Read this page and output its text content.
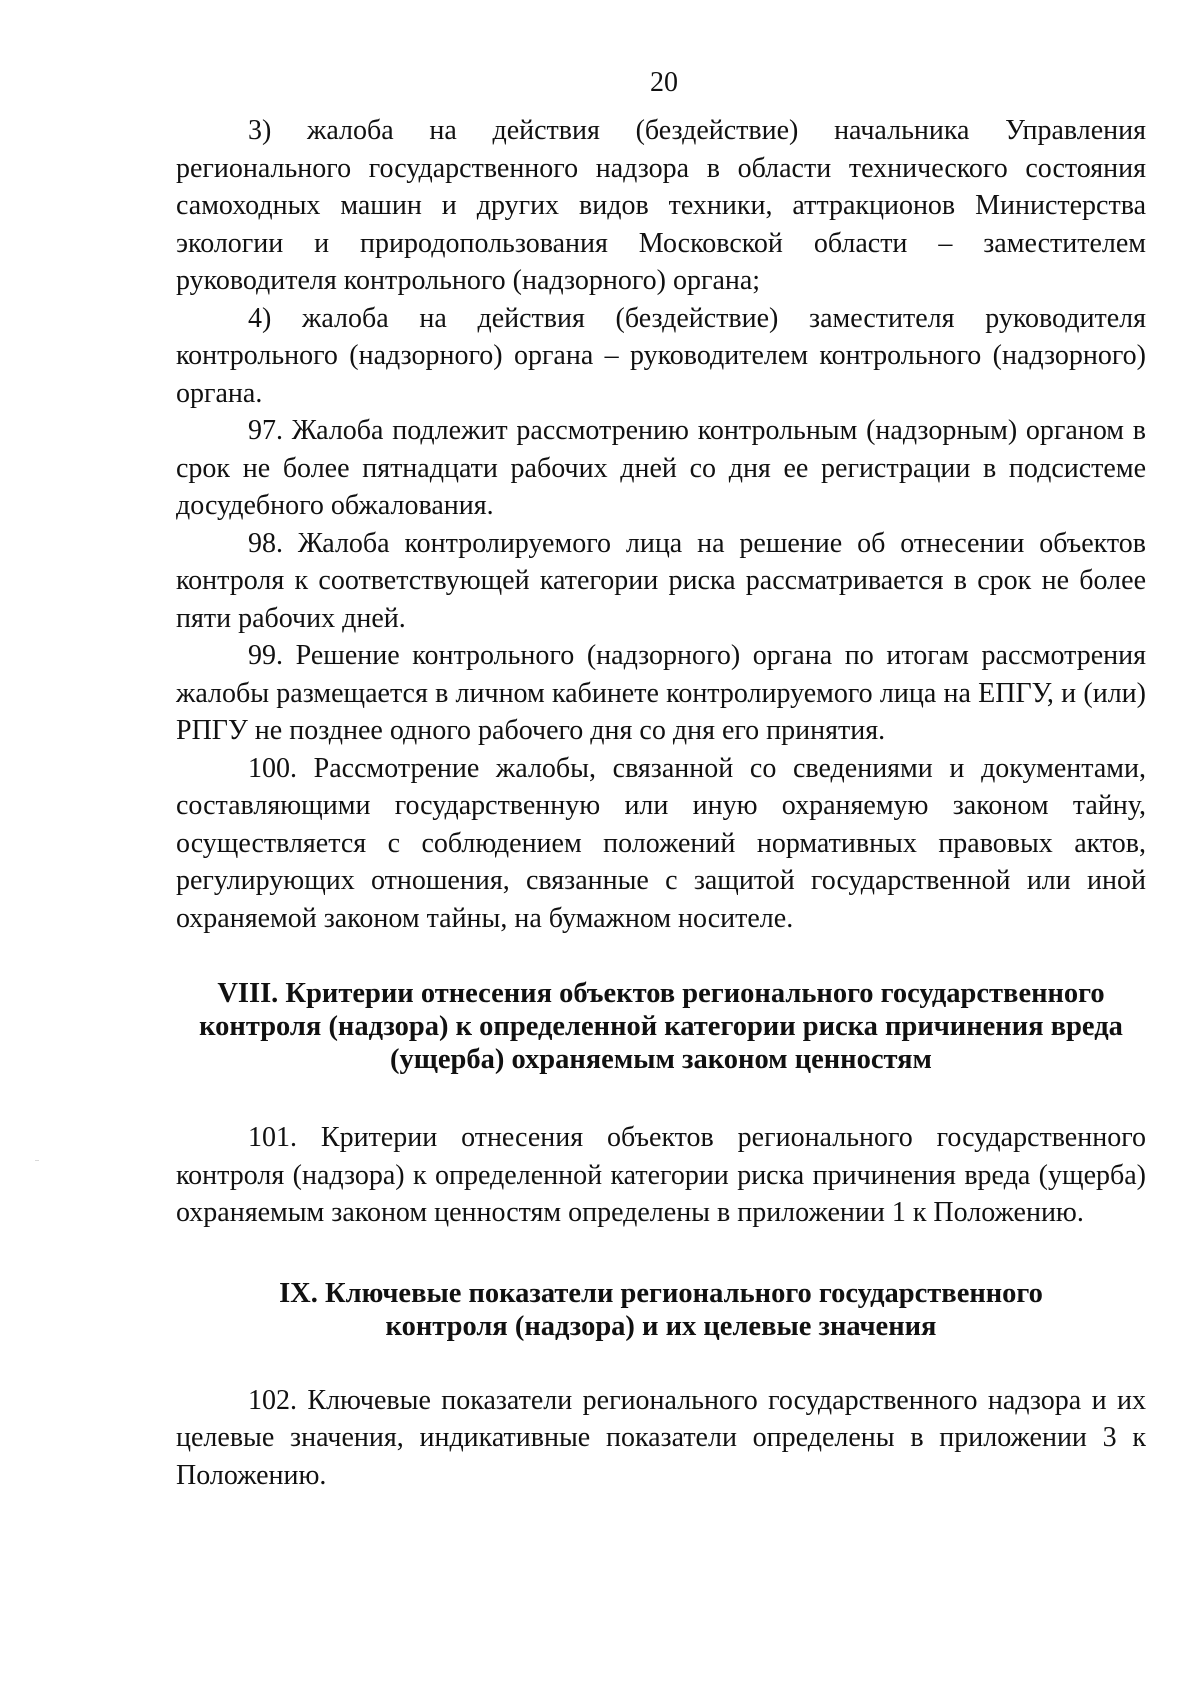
20

3) жалоба на действия (бездействие) начальника Управления регионального государственного надзора в области технического состояния самоходных машин и других видов техники, аттракционов Министерства экологии и природопользования Московской области – заместителем руководителя контрольного (надзорного) органа;

4) жалоба на действия (бездействие) заместителя руководителя контрольного (надзорного) органа – руководителем контрольного (надзорного) органа.

97. Жалоба подлежит рассмотрению контрольным (надзорным) органом в срок не более пятнадцати рабочих дней со дня ее регистрации в подсистеме досудебного обжалования.

98. Жалоба контролируемого лица на решение об отнесении объектов контроля к соответствующей категории риска рассматривается в срок не более пяти рабочих дней.

99. Решение контрольного (надзорного) органа по итогам рассмотрения жалобы размещается в личном кабинете контролируемого лица на ЕПГУ, и (или) РПГУ не позднее одного рабочего дня со дня его принятия.

100. Рассмотрение жалобы, связанной со сведениями и документами, составляющими государственную или иную охраняемую законом тайну, осуществляется с соблюдением положений нормативных правовых актов, регулирующих отношения, связанные с защитой государственной или иной охраняемой законом тайны, на бумажном носителе.

VIII. Критерии отнесения объектов регионального государственного

контроля (надзора) к определенной категории риска причинения вреда

(ущерба) охраняемым законом ценностям

101. Критерии отнесения объектов регионального государственного контроля (надзора) к определенной категории риска причинения вреда (ущерба) охраняемым законом ценностям определены в приложении 1 к Положению.

IX. Ключевые показатели регионального государственного

контроля (надзора) и их целевые значения

102. Ключевые показатели регионального государственного надзора и их целевые значения, индикативные показатели определены в приложении 3 к Положению.
